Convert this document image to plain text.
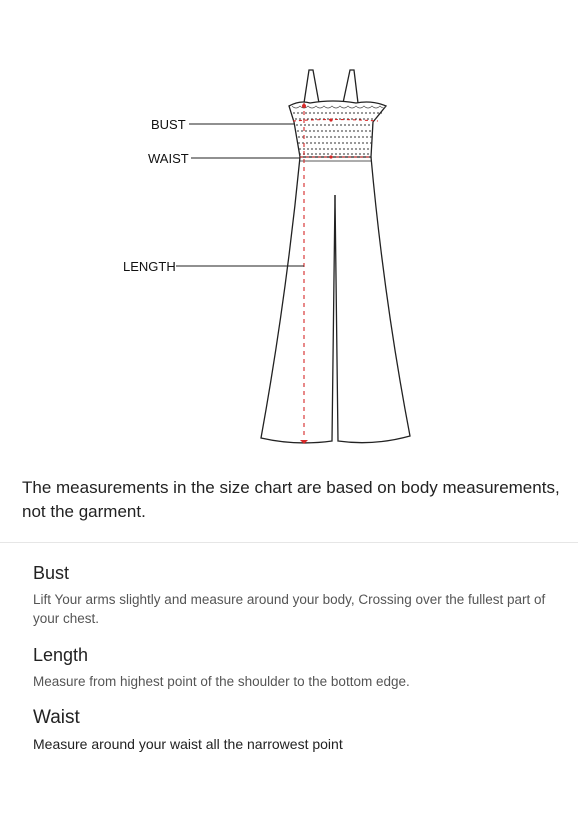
BUST
WAIST
LENGTH
The measurements in the size chart are based on body measurements, not the garment.
Bust

Lift Your arms slightly and measure around your body, Crossing over the fullest part of your chest.

Length

Measure from highest point of the shoulder to the bottom edge.

Waist

Measure around your waist all the narrowest point
